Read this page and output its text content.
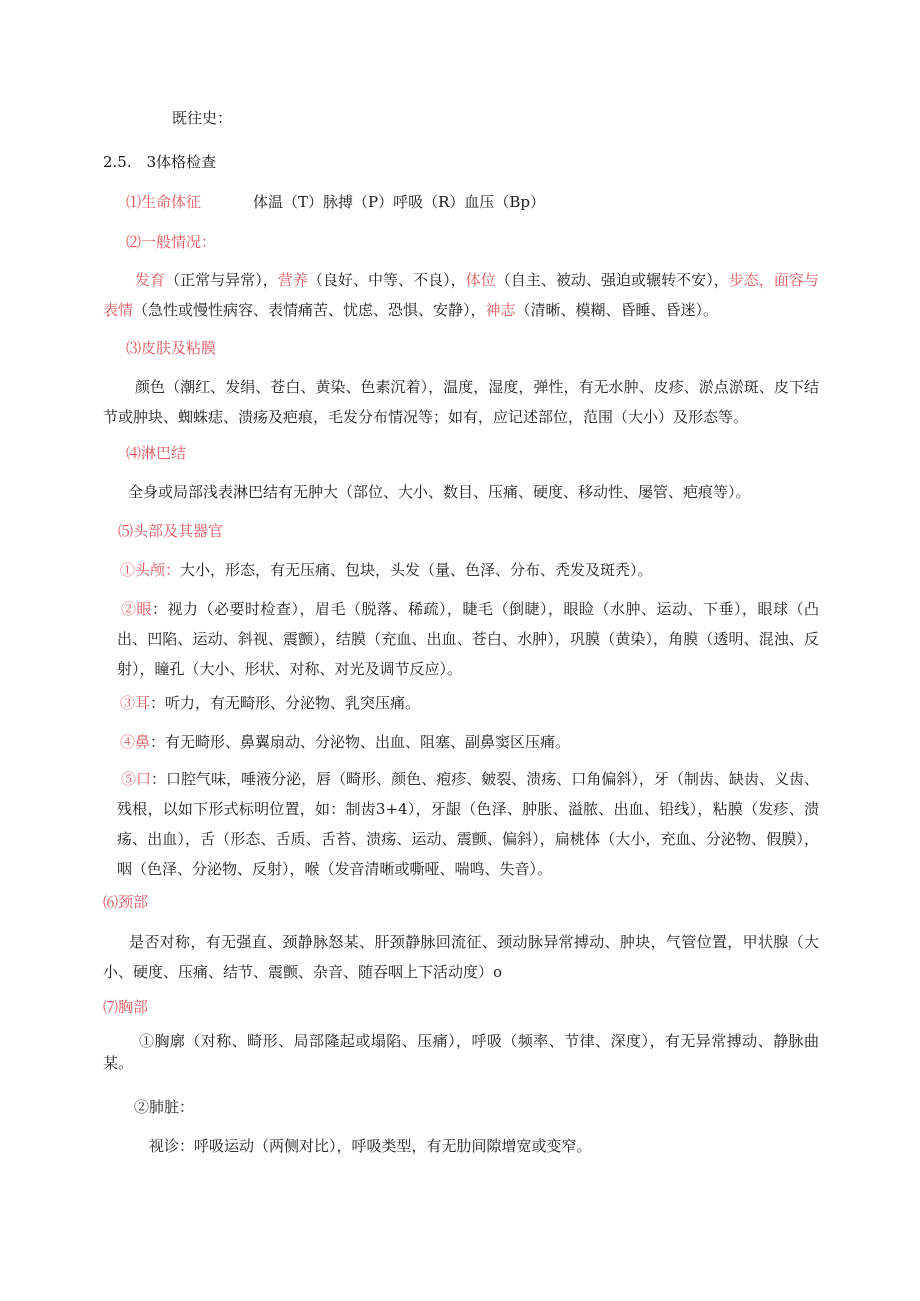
既往史：
2.5.　3体格检查
⑴生命体征	体温（T）脉搏（P）呼吸（R）血压（Bp）
⑵一般情况：
发育（正常与异常），营养（良好、中等、不良），体位（自主、被动、强迫或辗转不安），步态，面容与表情（急性或慢性病容、表情痛苦、忧虑、恐惧、安静），神志（清晰、模糊、昏睡、昏迷）。
⑶皮肤及粘膜
颜色（潮红、发绢、苍白、黄染、色素沉着），温度，湿度，弹性，有无水肿、皮疹、淤点淤斑、皮下结节或肿块、蜘蛛痣、溃疡及疤痕，毛发分布情况等；如有，应记述部位，范围（大小）及形态等。
⑷淋巴结
全身或局部浅表淋巴结有无肿大（部位、大小、数目、压痛、硬度、移动性、屡管、疤痕等）。
⑸头部及其器官
①头颅：大小，形态，有无压痛、包块，头发（量、色泽、分布、秃发及斑秃）。
②眼：视力（必要时检查），眉毛（脱落、稀疏），睫毛（倒睫），眼睑（水肿、运动、下垂），眼球（凸出、凹陷、运动、斜视、震颤），结膜（充血、出血、苍白、水肿），巩膜（黄染），角膜（透明、混浊、反射），瞳孔（大小、形状、对称、对光及调节反应）。
③耳：听力，有无畸形、分泌物、乳突压痛。
④鼻：有无畸形、鼻翼扇动、分泌物、出血、阻塞、副鼻窦区压痛。
⑤口：口腔气味，唾液分泌，唇（畸形、颜色、疱疹、皴裂、溃疡、口角偏斜），牙（制齿、缺齿、义齿、残根，以如下形式标明位置，如：制齿3+4），牙龈（色泽、肿胀、溢脓、出血、铅线），粘膜（发疹、溃疡、出血），舌（形态、舌质、舌苔、溃疡、运动、震颤、偏斜），扁桃体（大小，充血、分泌物、假膜），咽（色泽、分泌物、反射），喉（发音清晰或嘶哑、喘鸣、失音）。
⑹颈部
是否对称，有无强直、颈静脉怒某、肝颈静脉回流征、颈动脉异常搏动、肿块，气管位置，甲状腺（大小、硬度、压痛、结节、震颤、杂音、随吞咽上下活动度）o
⑺胸部
①胸廓（对称、畸形、局部隆起或塌陷、压痛），呼吸（频率、节律、深度），有无异常搏动、静脉曲某。
②肺脏：
视诊：呼吸运动（两侧对比），呼吸类型，有无肋间隙增宽或变窄。
